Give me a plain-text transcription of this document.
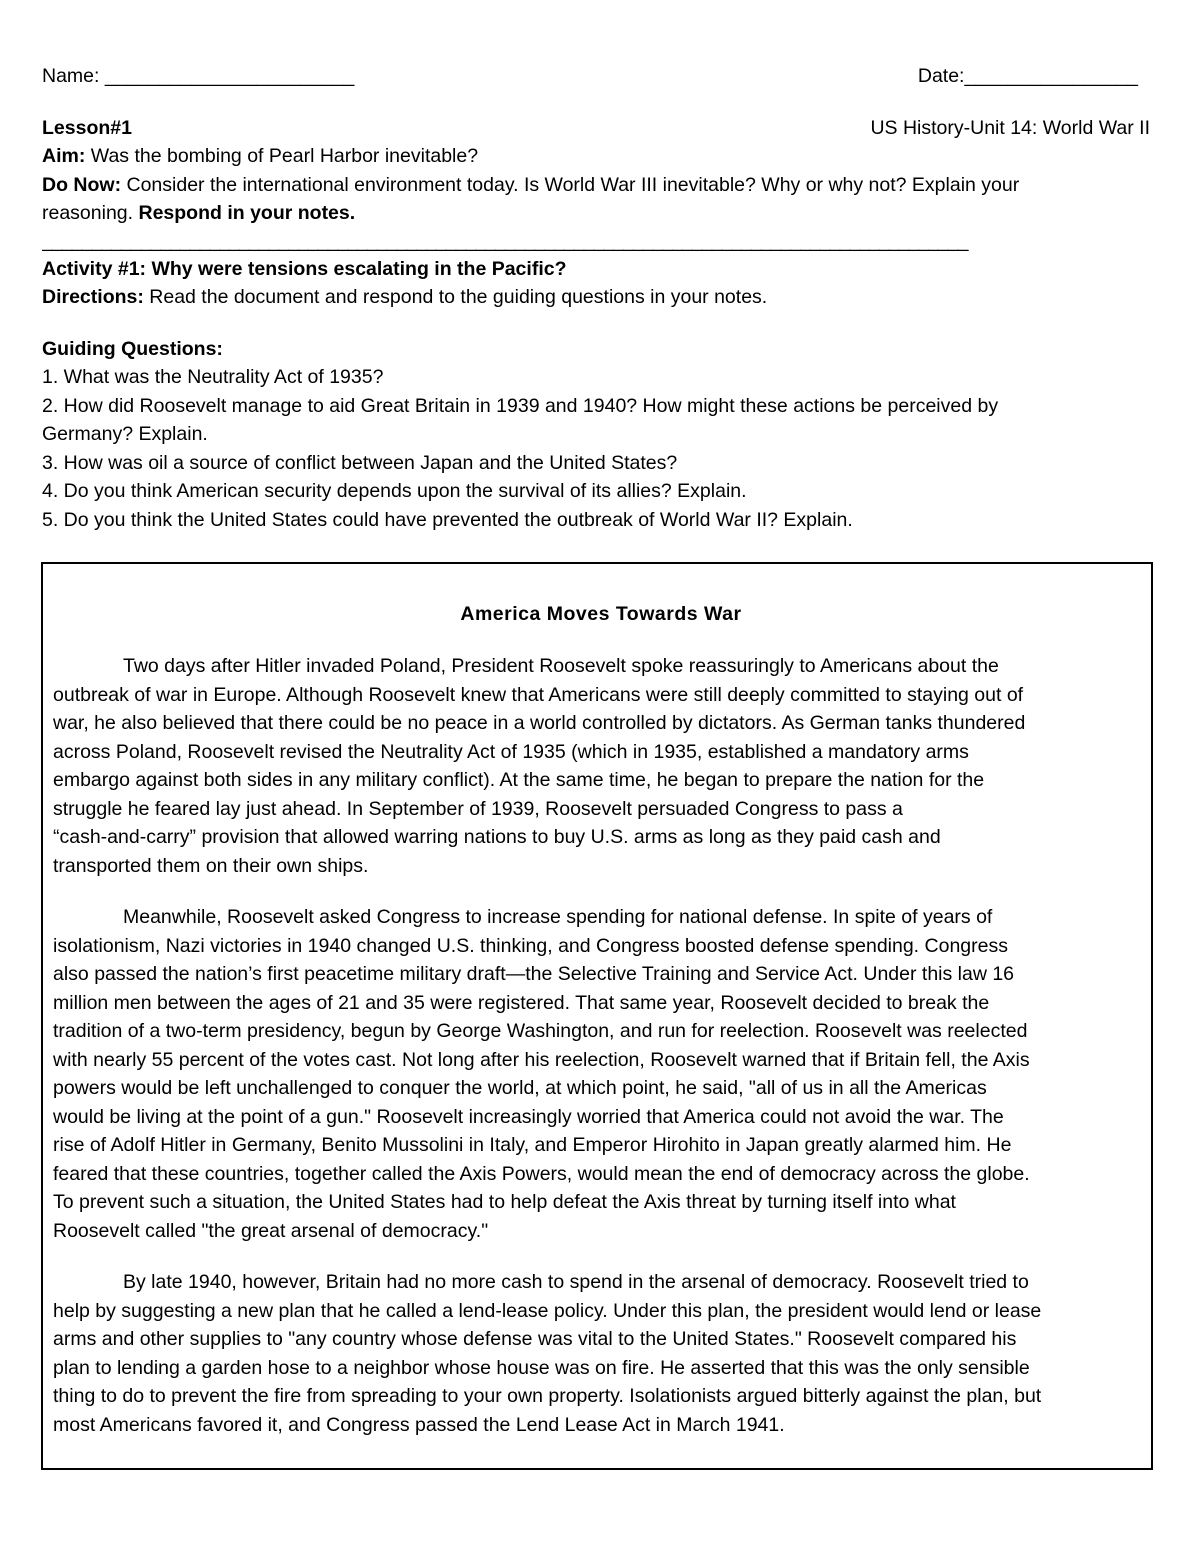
Name: _______________________	Date:________________
Lesson#1	US History-Unit 14: World War II
Aim: Was the bombing of Pearl Harbor inevitable?
Do Now: Consider the international environment today. Is World War III inevitable? Why or why not? Explain your
reasoning. Respond in your notes.
______________________________________________________________________________________________
Activity #1: Why were tensions escalating in the Pacific?
Directions: Read the document and respond to the guiding questions in your notes.
Guiding Questions:
1. What was the Neutrality Act of 1935?
2. How did Roosevelt manage to aid Great Britain in 1939 and 1940? How might these actions be perceived by
Germany? Explain.
3. How was oil a source of conflict between Japan and the United States?
4. Do you think American security depends upon the survival of its allies? Explain.
5. Do you think the United States could have prevented the outbreak of World War II? Explain.
America Moves Towards War

Two days after Hitler invaded Poland, President Roosevelt spoke reassuringly to Americans about the
outbreak of war in Europe. Although Roosevelt knew that Americans were still deeply committed to staying out of
war, he also believed that there could be no peace in a world controlled by dictators. As German tanks thundered
across Poland, Roosevelt revised the Neutrality Act of 1935 (which in 1935, established a mandatory arms
embargo against both sides in any military conflict). At the same time, he began to prepare the nation for the
struggle he feared lay just ahead. In September of 1939, Roosevelt persuaded Congress to pass a
“cash-and-carry” provision that allowed warring nations to buy U.S. arms as long as they paid cash and
transported them on their own ships.

Meanwhile, Roosevelt asked Congress to increase spending for national defense. In spite of years of
isolationism, Nazi victories in 1940 changed U.S. thinking, and Congress boosted defense spending. Congress
also passed the nation’s first peacetime military draft—the Selective Training and Service Act. Under this law 16
million men between the ages of 21 and 35 were registered. That same year, Roosevelt decided to break the
tradition of a two-term presidency, begun by George Washington, and run for reelection. Roosevelt was reelected
with nearly 55 percent of the votes cast. Not long after his reelection, Roosevelt warned that if Britain fell, the Axis
powers would be left unchallenged to conquer the world, at which point, he said, "all of us in all the Americas
would be living at the point of a gun." Roosevelt increasingly worried that America could not avoid the war. The
rise of Adolf Hitler in Germany, Benito Mussolini in Italy, and Emperor Hirohito in Japan greatly alarmed him. He
feared that these countries, together called the Axis Powers, would mean the end of democracy across the globe.
To prevent such a situation, the United States had to help defeat the Axis threat by turning itself into what
Roosevelt called "the great arsenal of democracy."

By late 1940, however, Britain had no more cash to spend in the arsenal of democracy. Roosevelt tried to
help by suggesting a new plan that he called a lend-lease policy. Under this plan, the president would lend or lease
arms and other supplies to "any country whose defense was vital to the United States." Roosevelt compared his
plan to lending a garden hose to a neighbor whose house was on fire. He asserted that this was the only sensible
thing to do to prevent the fire from spreading to your own property. Isolationists argued bitterly against the plan, but
most Americans favored it, and Congress passed the Lend Lease Act in March 1941.
